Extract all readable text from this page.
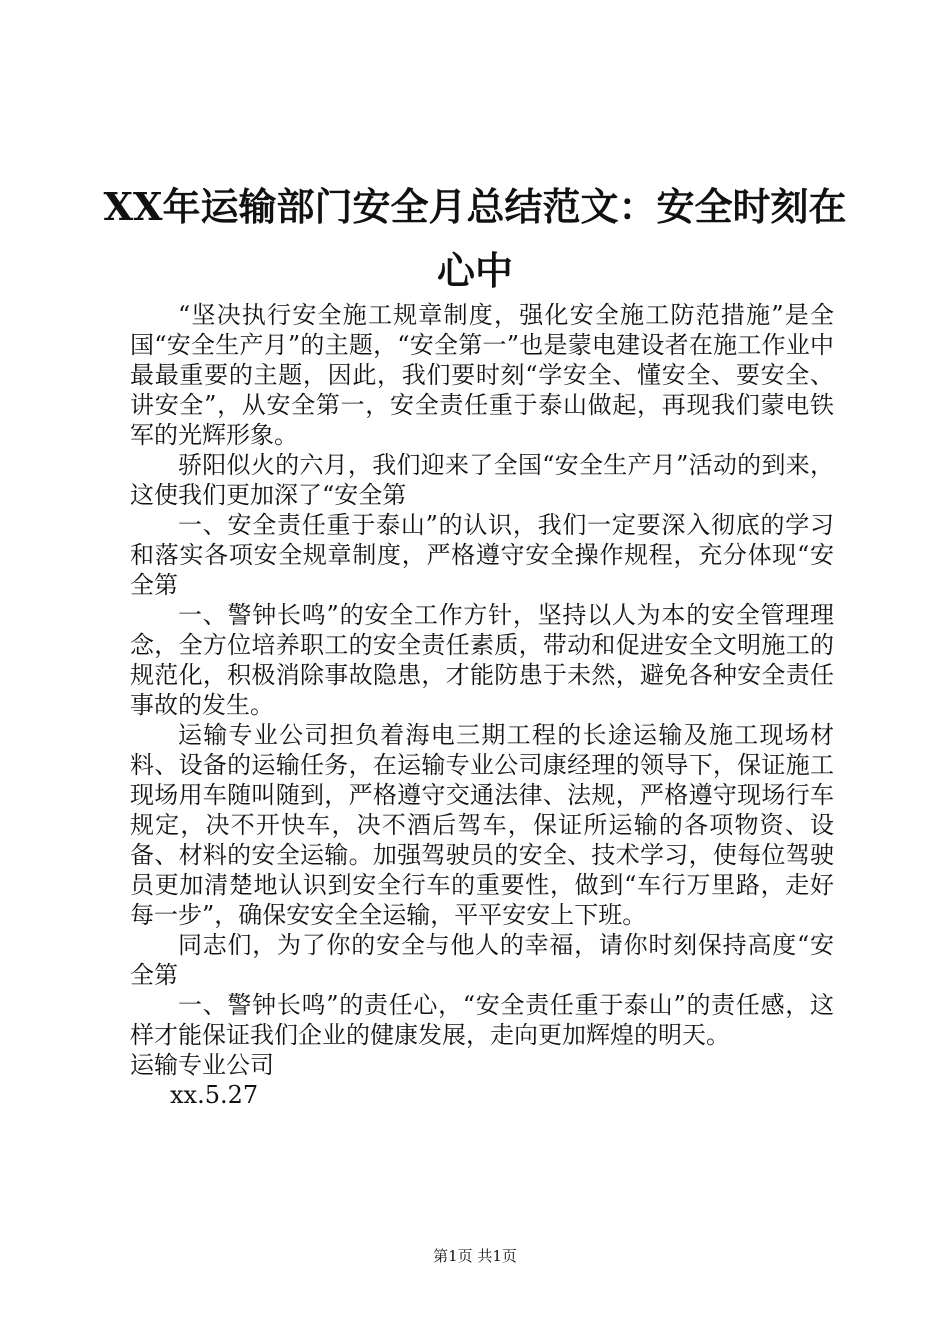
XX年运输部门安全月总结范文：安全时刻在
心中

“坚决执行安全施工规章制度，强化安全施工防范措施”是全国“安全生产月”的主题，“安全第一”也是蒙电建设者在施工作业中最最重要的主题，因此，我们要时刻“学安全、懂安全、要安全、讲安全”，从安全第一，安全责任重于泰山做起，再现我们蒙电铁军的光辉形象。

骄阳似火的六月，我们迎来了全国“安全生产月”活动的到来，这使我们更加深了“安全第

一、安全责任重于泰山”的认识，我们一定要深入彻底的学习和落实各项安全规章制度，严格遵守安全操作规程，充分体现“安全第

一、警钟长鸣”的安全工作方针，坚持以人为本的安全管理理念，全方位培养职工的安全责任素质，带动和促进安全文明施工的规范化，积极消除事故隐患，才能防患于未然，避免各种安全责任事故的发生。

运输专业公司担负着海电三期工程的长途运输及施工现场材料、设备的运输任务，在运输专业公司康经理的领导下，保证施工现场用车随叫随到，严格遵守交通法律、法规，严格遵守现场行车规定，决不开快车，决不酒后驾车，保证所运输的各项物资、设备、材料的安全运输。加强驾驶员的安全、技术学习，使每位驾驶员更加清楚地认识到安全行车的重要性，做到“车行万里路，走好每一步”，确保安安全全运输，平平安安上下班。

同志们，为了你的安全与他人的幸福，请你时刻保持高度“安全第

一、警钟长鸣”的责任心，“安全责任重于泰山”的责任感，这样才能保证我们企业的健康发展，走向更加辉煌的明天。

运输专业公司

xx.5.27

第1页 共1页
